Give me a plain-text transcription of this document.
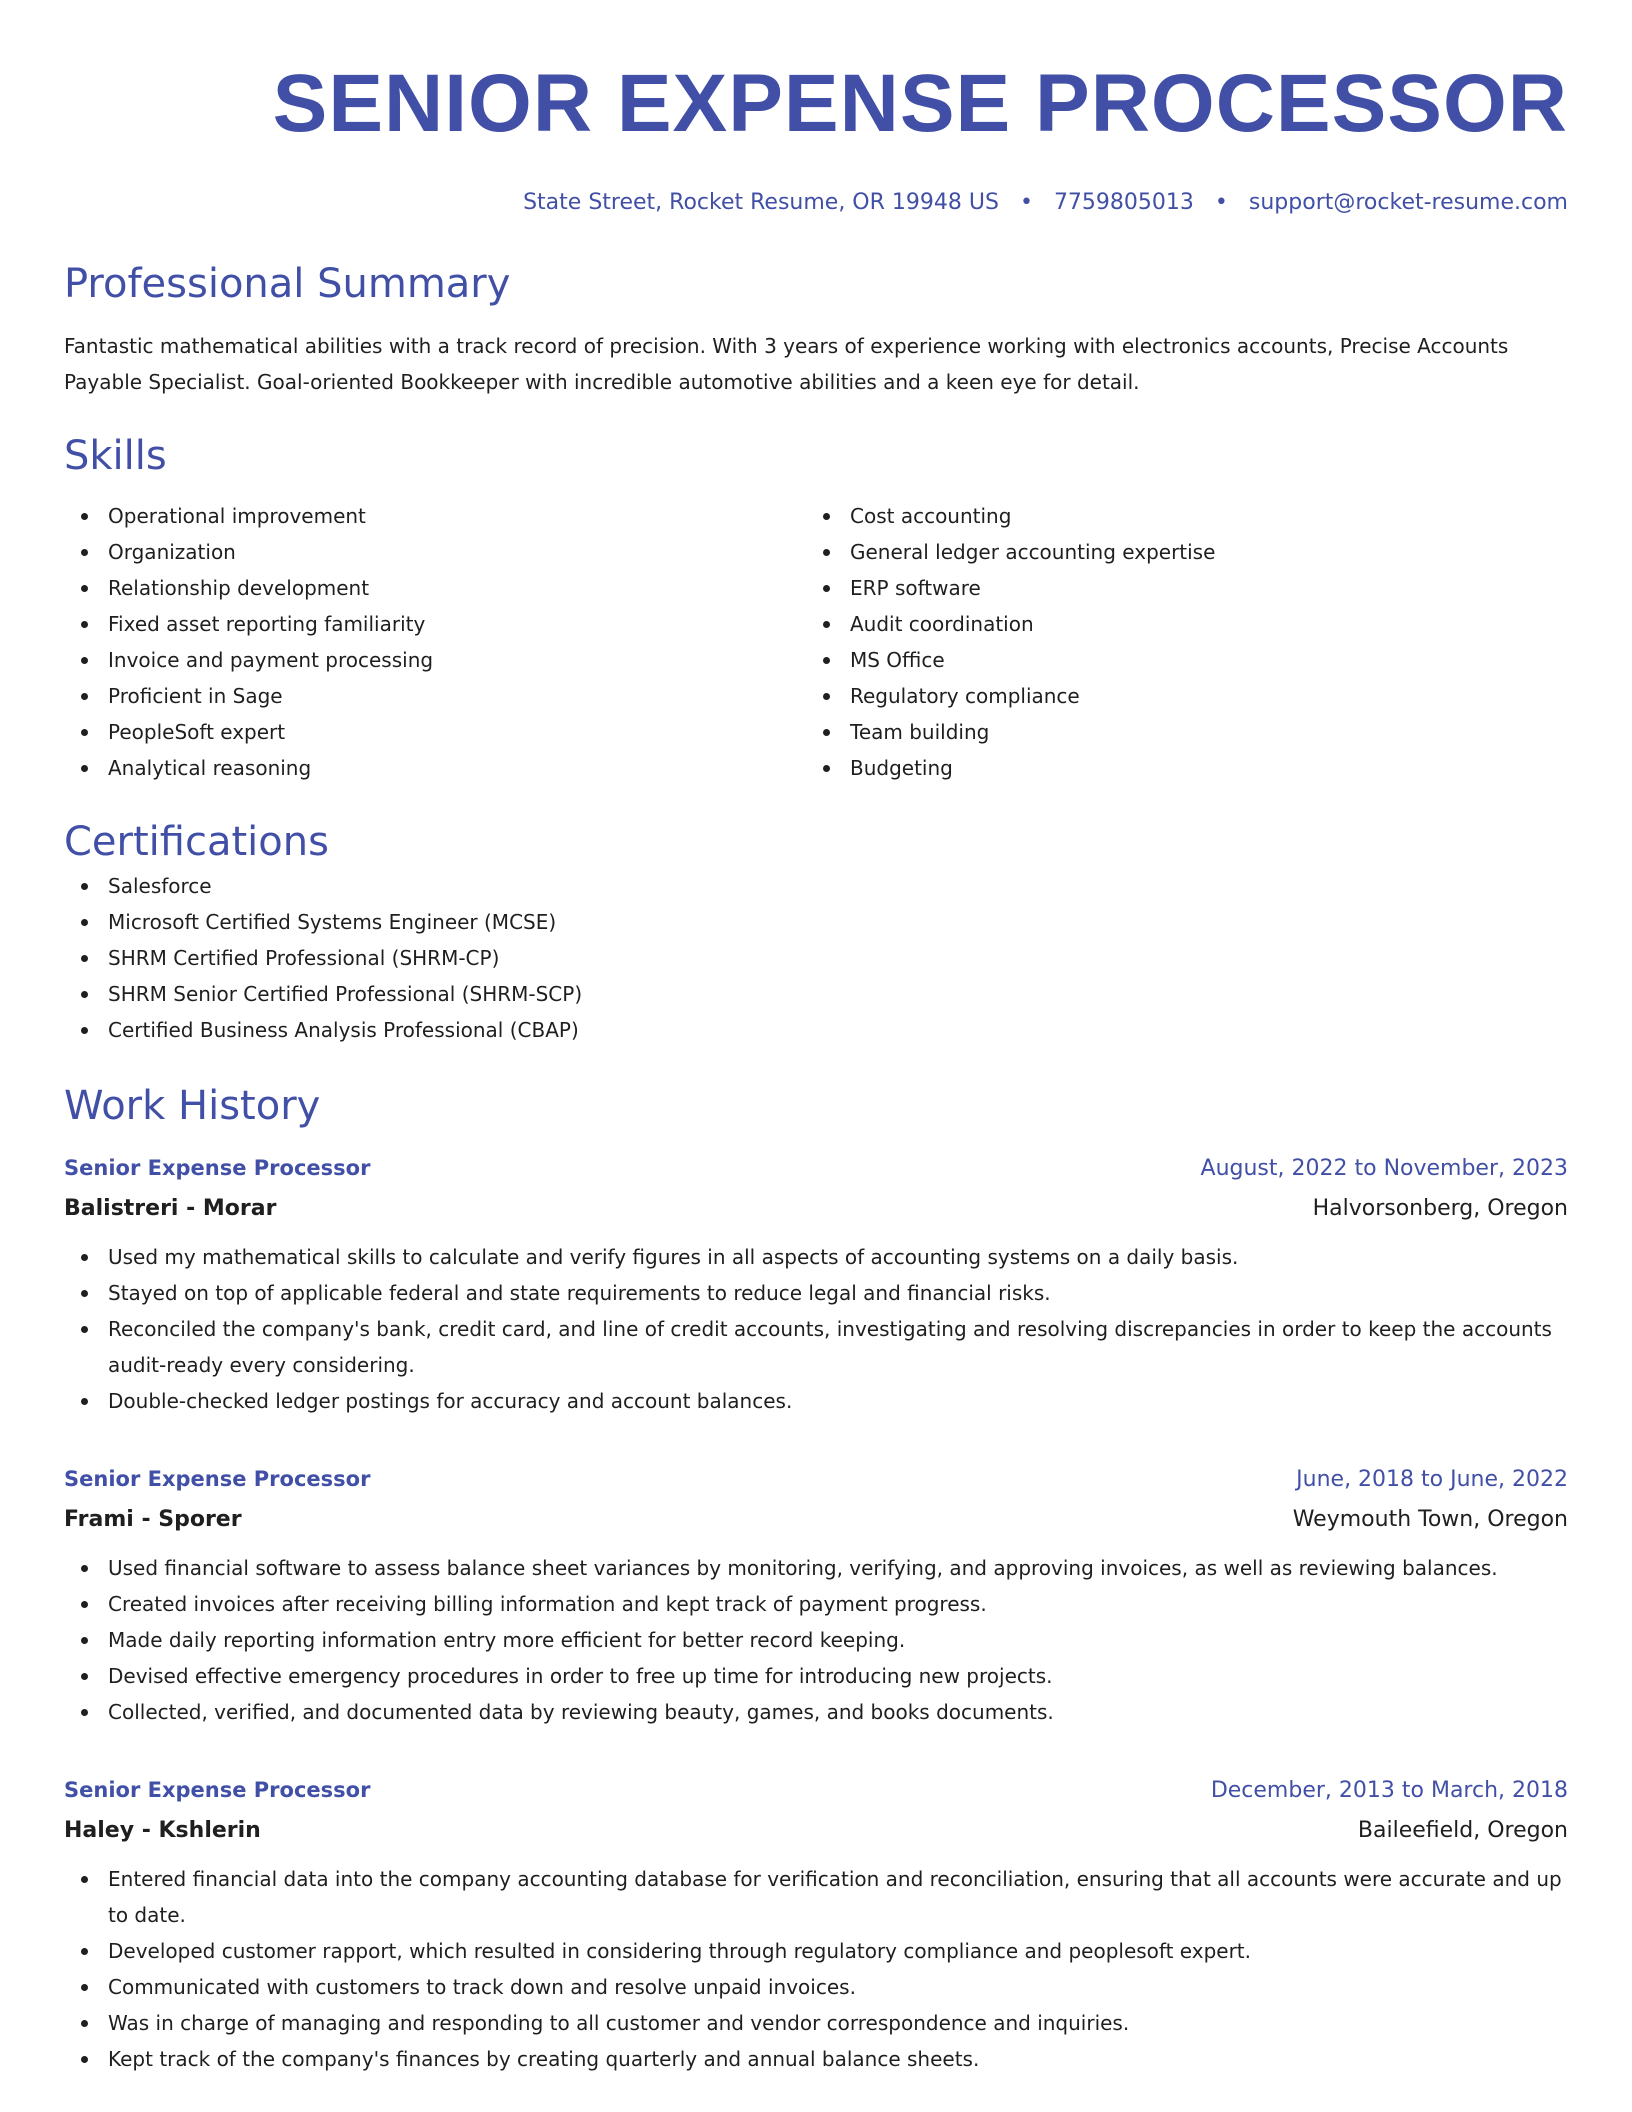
SENIOR EXPENSE PROCESSOR
State Street, Rocket Resume, OR 19948 US • 7759805013 • support@rocket-resume.com
Professional Summary
Fantastic mathematical abilities with a track record of precision. With 3 years of experience working with electronics accounts, Precise Accounts Payable Specialist. Goal-oriented Bookkeeper with incredible automotive abilities and a keen eye for detail.
Skills
Operational improvement
Organization
Relationship development
Fixed asset reporting familiarity
Invoice and payment processing
Proficient in Sage
PeopleSoft expert
Analytical reasoning
Cost accounting
General ledger accounting expertise
ERP software
Audit coordination
MS Office
Regulatory compliance
Team building
Budgeting
Certifications
Salesforce
Microsoft Certified Systems Engineer (MCSE)
SHRM Certified Professional (SHRM-CP)
SHRM Senior Certified Professional (SHRM-SCP)
Certified Business Analysis Professional (CBAP)
Work History
Senior Expense Processor	August, 2022 to November, 2023
Balistreri - Morar	Halvorsonberg, Oregon
Used my mathematical skills to calculate and verify figures in all aspects of accounting systems on a daily basis.
Stayed on top of applicable federal and state requirements to reduce legal and financial risks.
Reconciled the company's bank, credit card, and line of credit accounts, investigating and resolving discrepancies in order to keep the accounts audit-ready every considering.
Double-checked ledger postings for accuracy and account balances.
Senior Expense Processor	June, 2018 to June, 2022
Frami - Sporer	Weymouth Town, Oregon
Used financial software to assess balance sheet variances by monitoring, verifying, and approving invoices, as well as reviewing balances.
Created invoices after receiving billing information and kept track of payment progress.
Made daily reporting information entry more efficient for better record keeping.
Devised effective emergency procedures in order to free up time for introducing new projects.
Collected, verified, and documented data by reviewing beauty, games, and books documents.
Senior Expense Processor	December, 2013 to March, 2018
Haley - Kshlerin	Baileefield, Oregon
Entered financial data into the company accounting database for verification and reconciliation, ensuring that all accounts were accurate and up to date.
Developed customer rapport, which resulted in considering through regulatory compliance and peoplesoft expert.
Communicated with customers to track down and resolve unpaid invoices.
Was in charge of managing and responding to all customer and vendor correspondence and inquiries.
Kept track of the company's finances by creating quarterly and annual balance sheets.
